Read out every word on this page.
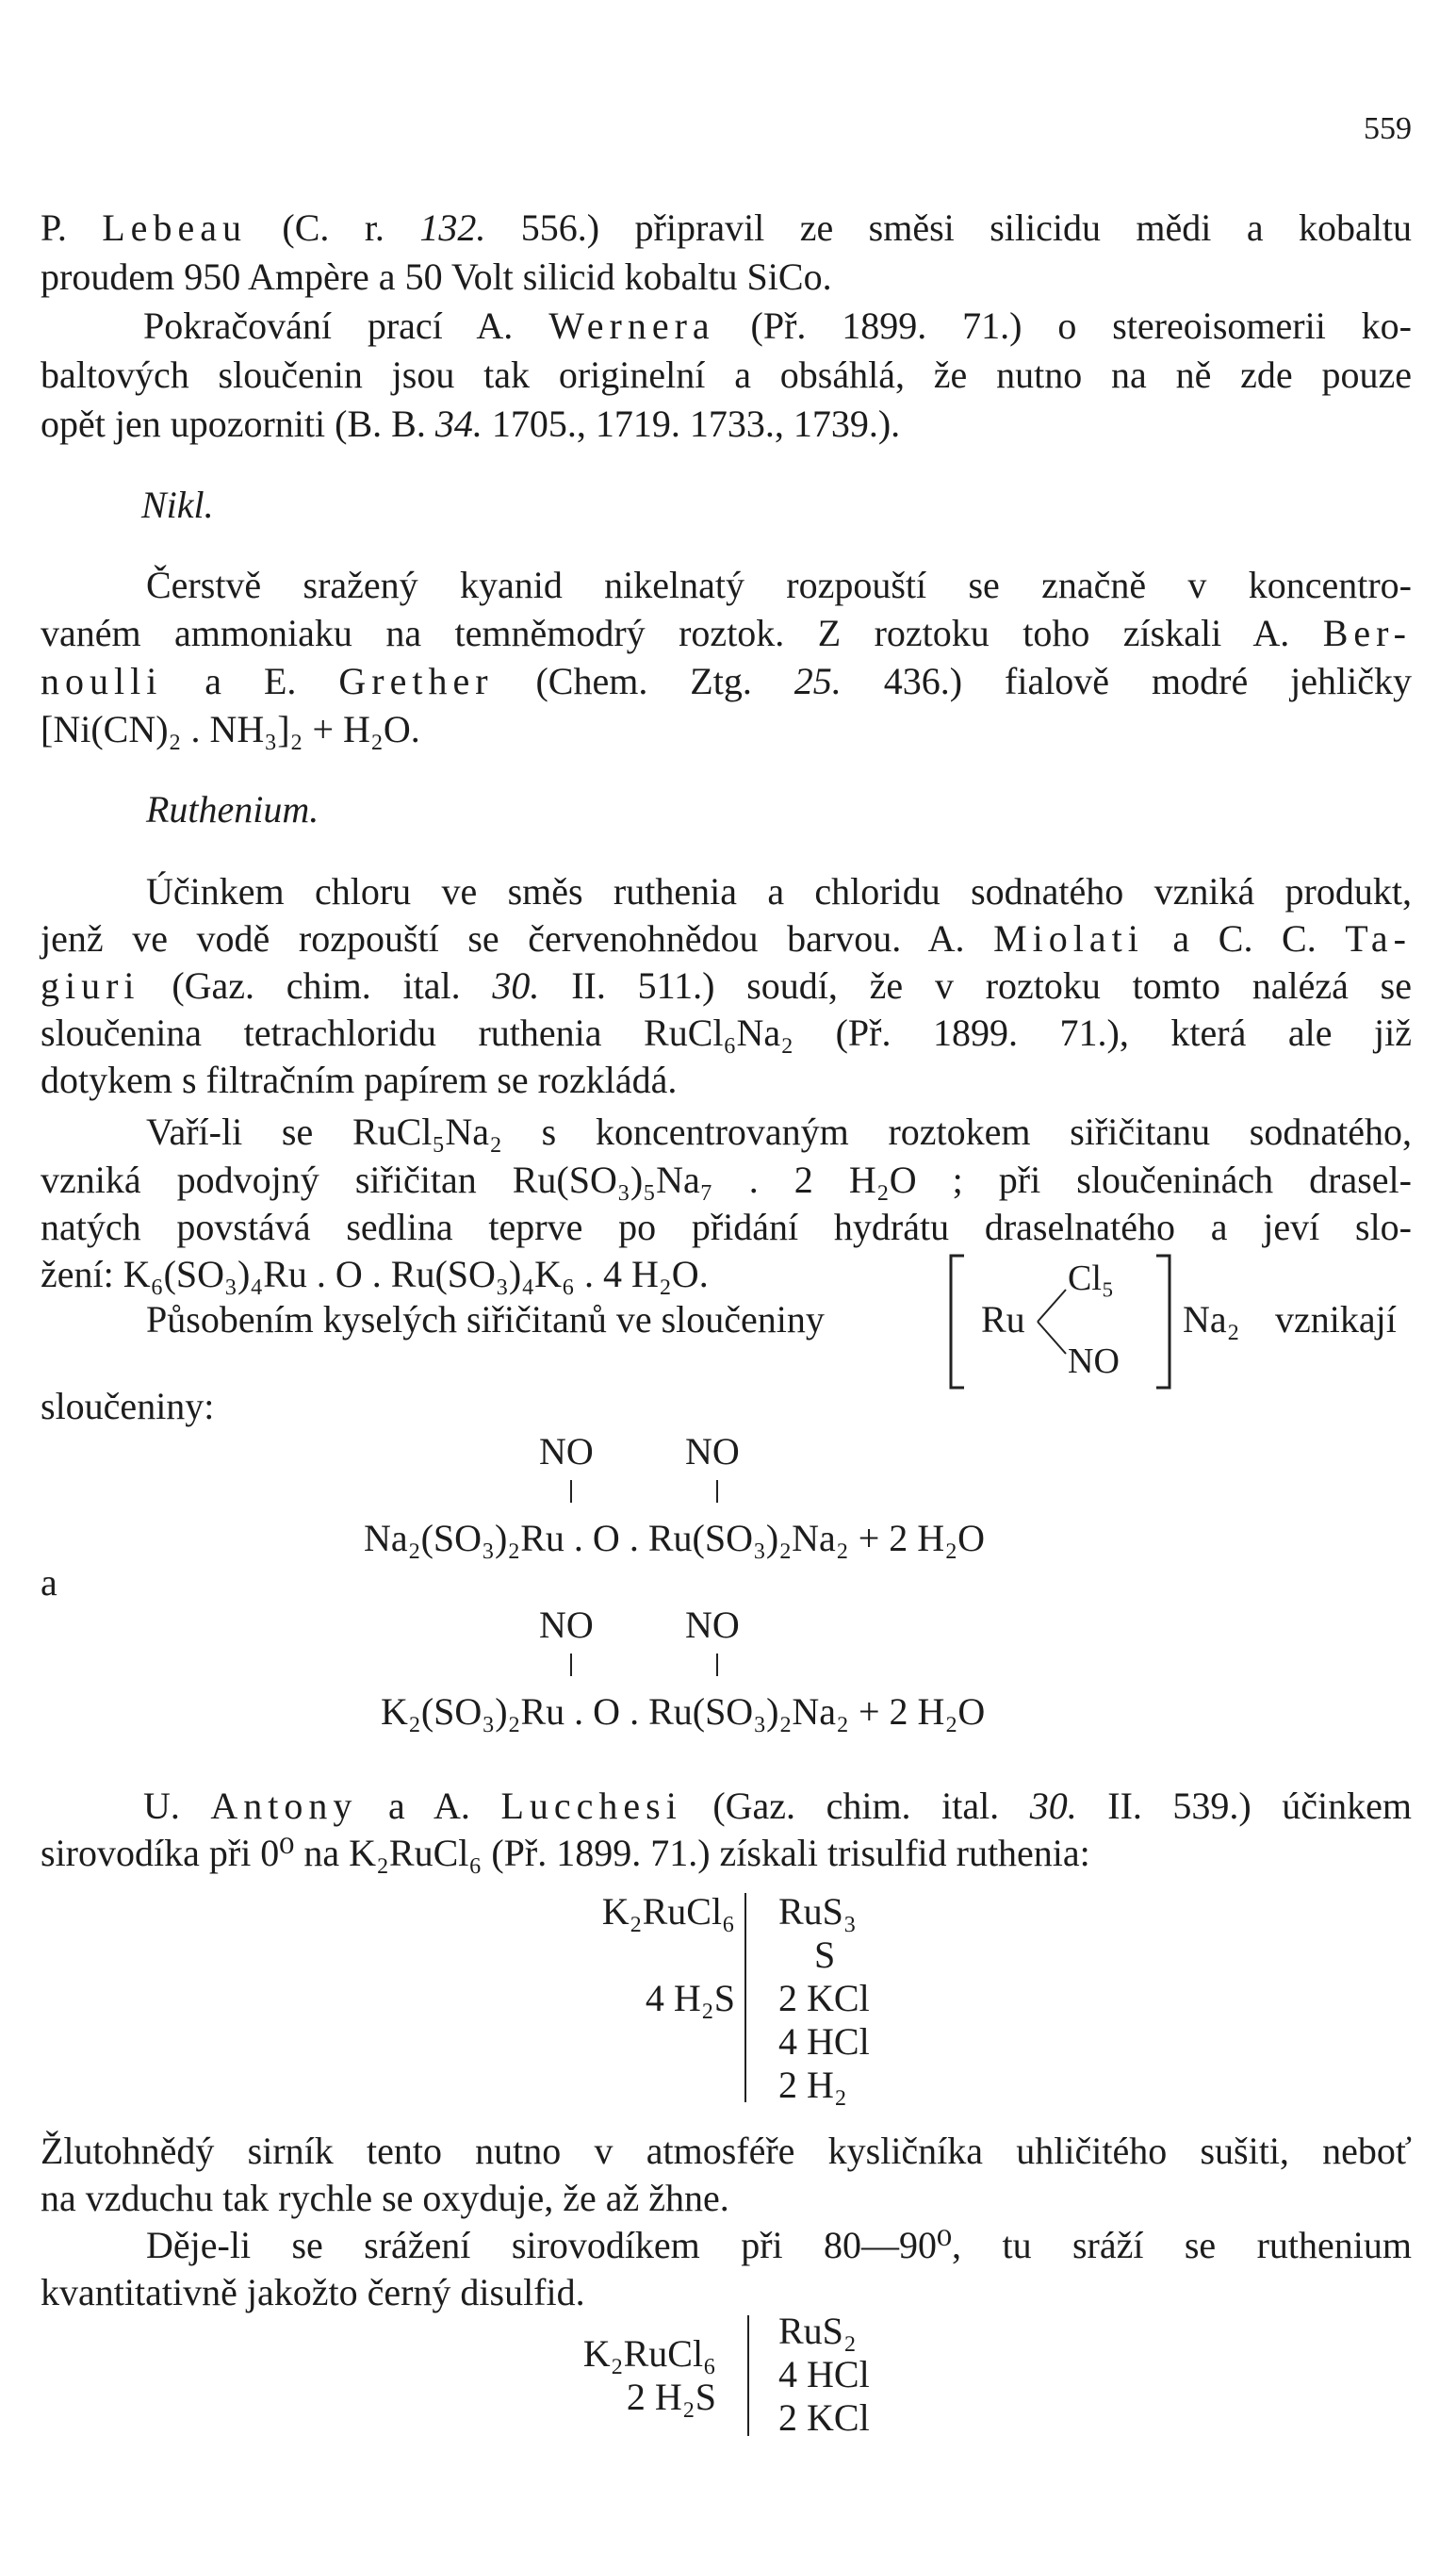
559
P. Lebeau (C. r. 132. 556.) připravil ze směsi silicidu mědi a kobaltu
proudem 950 Ampère a 50 Volt silicid kobaltu SiCo.
Pokračování prací A. Wernera (Př. 1899. 71.) o stereoisomerii ko-
baltových sloučenin jsou tak originelní a obsáhlá, že nutno na ně zde pouze
opět jen upozorniti (B. B. 34. 1705., 1719. 1733., 1739.).
Nikl.
Čerstvě sražený kyanid nikelnatý rozpouští se značně v koncentro-
vaném ammoniaku na temněmodrý roztok. Z roztoku toho získali A. Ber-
noulli a E. Grether (Chem. Ztg. 25. 436.) fialově modré jehličky
[Ni(CN)₂ . NH₃]₂ + H₂O.
Ruthenium.
Účinkem chloru ve směs ruthenia a chloridu sodnatého vzniká produkt,
jenž ve vodě rozpouští se červenohnědou barvou. A. Miolati a C. C. Ta-
giuri (Gaz. chim. ital. 30. II. 511.) soudí, že v roztoku tomto nalézá se
sloučenina tetrachloridu ruthenia RuCl₆Na₂ (Př. 1899. 71.), která ale již
dotykem s filtračním papírem se rozkládá.
Vaří-li se RuCl₅Na₂ s koncentrovaným roztokem siřičitanu sodnatého,
vzniká podvojný siřičitan Ru(SO₃)₅Na₇ . 2 H₂O ; při sloučeninách drasel-
natých povstává sedlina teprve po přidání hydrátu draselnatého a jeví slo-
žení: K₆(SO₃)₄Ru . O . Ru(SO₃)₄K₆ . 4 H₂O.
Působením kyselých siřičitanů ve sloučeniny	Ru
Cl₅
NO
Na₂ vznikají
sloučeniny:
NO NO
Na₂(SO₃)₂Ru . O . Ru(SO₃)₂Na₂ + 2 H₂O
a
NO NO
K₂(SO₃)₂Ru . O . Ru(SO₃)₂Na₂ + 2 H₂O
U. Antony a A. Lucchesi (Gaz. chim. ital. 30. II. 539.) účinkem
sirovodíka při 0⁰ na K₂RuCl₆ (Př. 1899. 71.) získali trisulfid ruthenia:
K₂RuCl₆
4 H₂S
RuS₃
S
2 KCl
4 HCl
2 H₂
Žlutohnědý sirník tento nutno v atmosféře kysličníka uhličitého sušiti, neboť
na vzduchu tak rychle se oxyduje, že až žhne.
Děje-li se srážení sirovodíkem při 80—90⁰, tu sráží se ruthenium
kvantitativně jakožto černý disulfid.
K₂RuCl₆
2 H₂S
RuS₂
4 HCl
2 KCl
